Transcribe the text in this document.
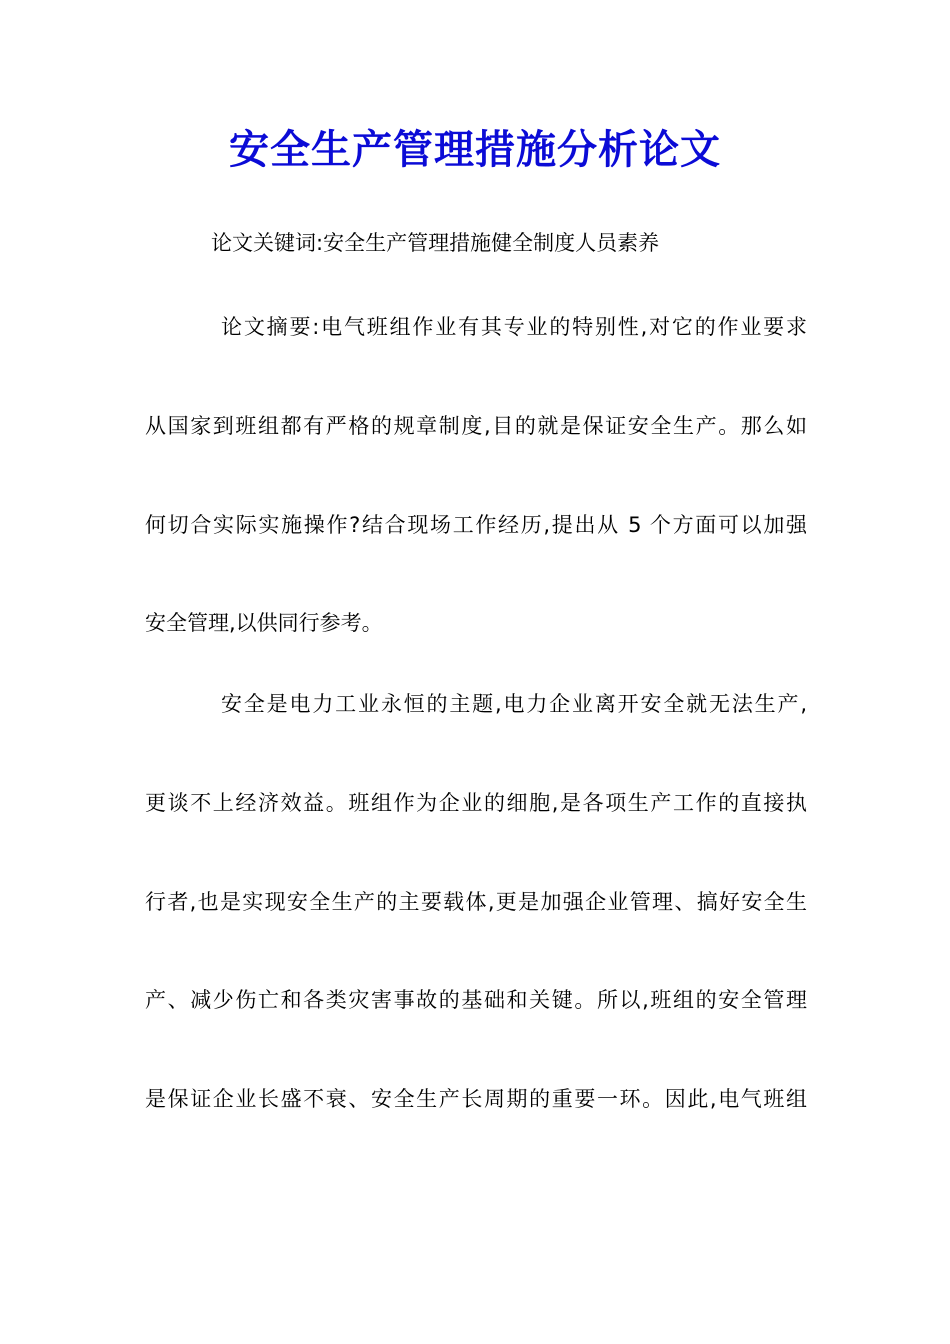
安全生产管理措施分析论文
论文关键词:安全生产管理措施健全制度人员素养
论文摘要:电气班组作业有其专业的特别性,对它的作业要求
从国家到班组都有严格的规章制度,目的就是保证安全生产。那么如
何切合实际实施操作?结合现场工作经历,提出从 5 个方面可以加强
安全管理,以供同行参考。
安全是电力工业永恒的主题,电力企业离开安全就无法生产,
更谈不上经济效益。班组作为企业的细胞,是各项生产工作的直接执
行者,也是实现安全生产的主要载体,更是加强企业管理、搞好安全生
产、减少伤亡和各类灾害事故的基础和关键。所以,班组的安全管理
是保证企业长盛不衰、安全生产长周期的重要一环。因此,电气班组
